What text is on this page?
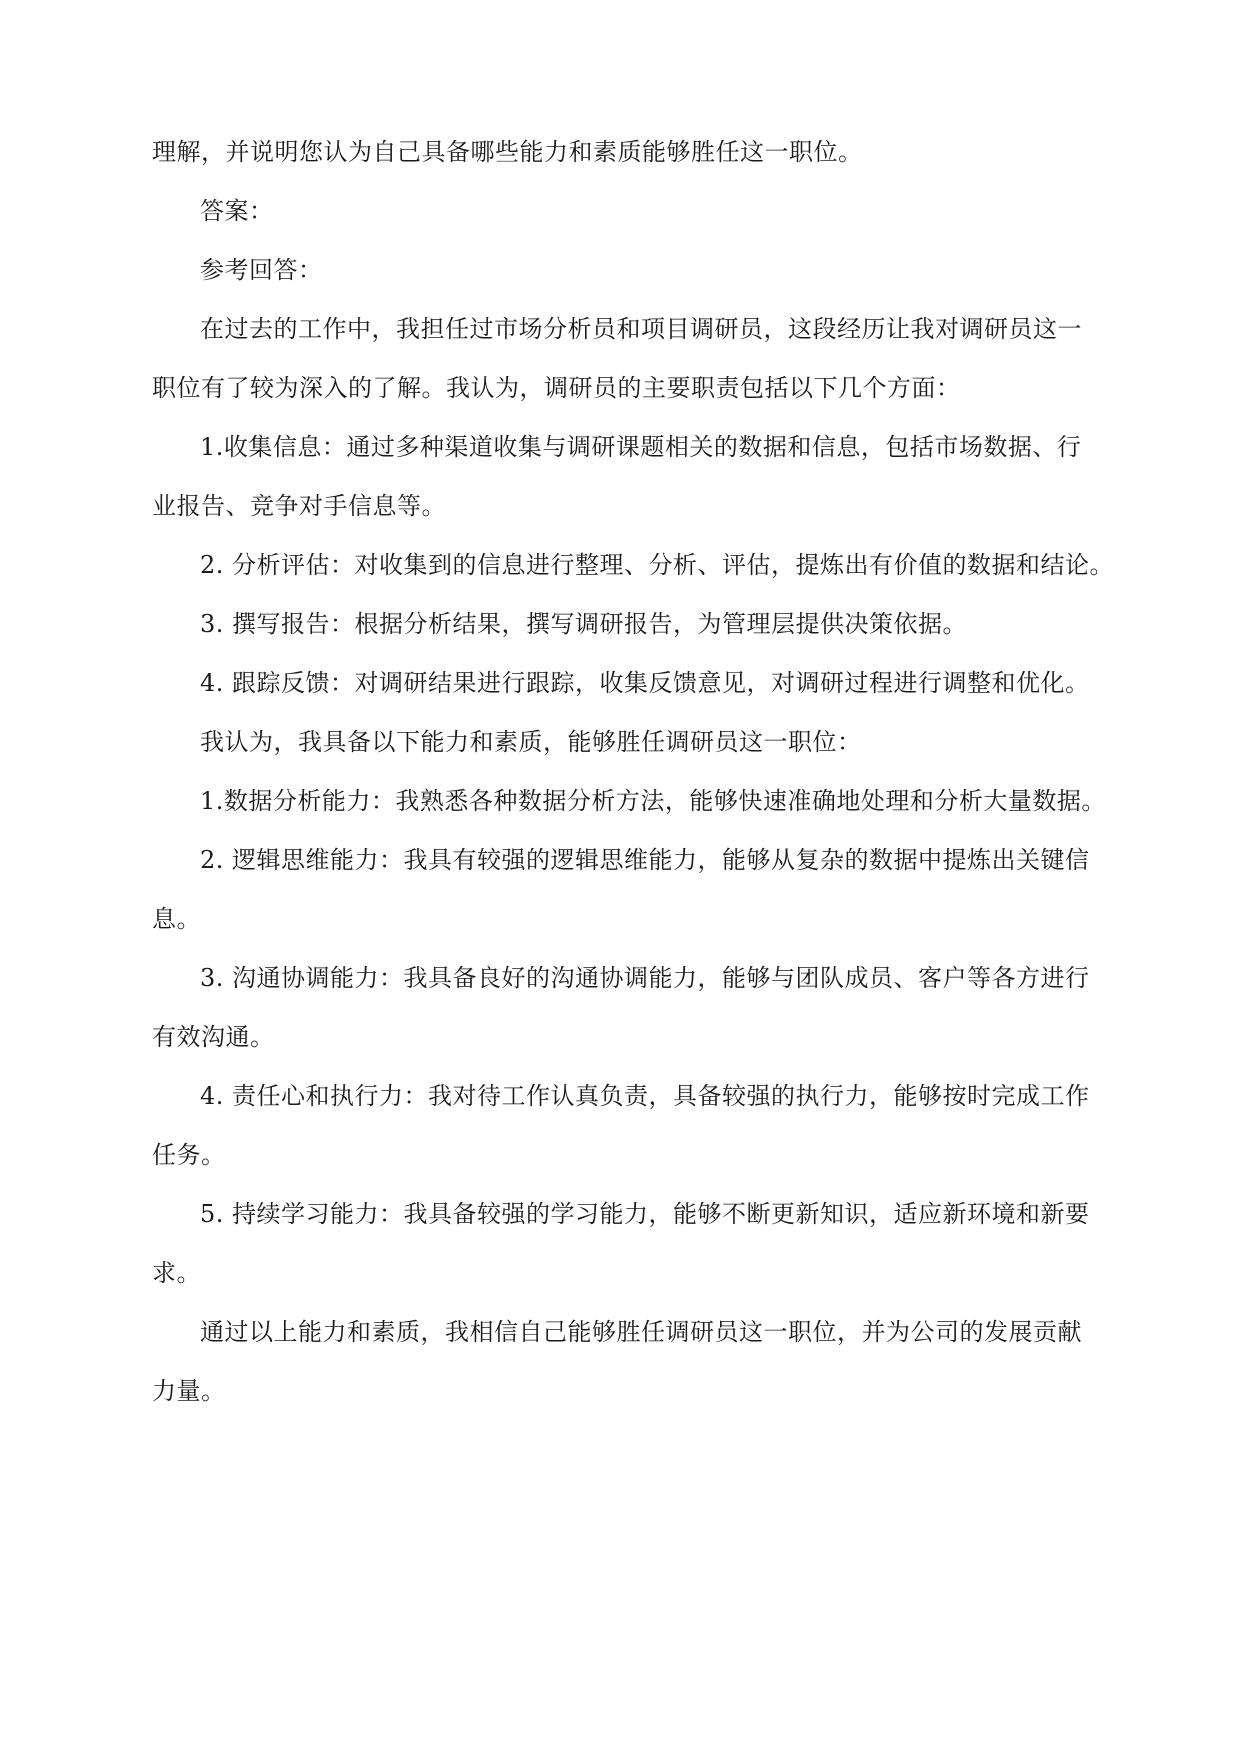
理解，并说明您认为自己具备哪些能力和素质能够胜任这一职位。
答案：
参考回答：
在过去的工作中，我担任过市场分析员和项目调研员，这段经历让我对调研员这一
职位有了较为深入的了解。我认为，调研员的主要职责包括以下几个方面：
1.收集信息：通过多种渠道收集与调研课题相关的数据和信息，包括市场数据、行
业报告、竞争对手信息等。
2. 分析评估：对收集到的信息进行整理、分析、评估，提炼出有价值的数据和结论。
3. 撰写报告：根据分析结果，撰写调研报告，为管理层提供决策依据。
4. 跟踪反馈：对调研结果进行跟踪，收集反馈意见，对调研过程进行调整和优化。
我认为，我具备以下能力和素质，能够胜任调研员这一职位：
1.数据分析能力：我熟悉各种数据分析方法，能够快速准确地处理和分析大量数据。
2. 逻辑思维能力：我具有较强的逻辑思维能力，能够从复杂的数据中提炼出关键信
息。
3. 沟通协调能力：我具备良好的沟通协调能力，能够与团队成员、客户等各方进行
有效沟通。
4. 责任心和执行力：我对待工作认真负责，具备较强的执行力，能够按时完成工作
任务。
5. 持续学习能力：我具备较强的学习能力，能够不断更新知识，适应新环境和新要
求。
通过以上能力和素质，我相信自己能够胜任调研员这一职位，并为公司的发展贡献
力量。
